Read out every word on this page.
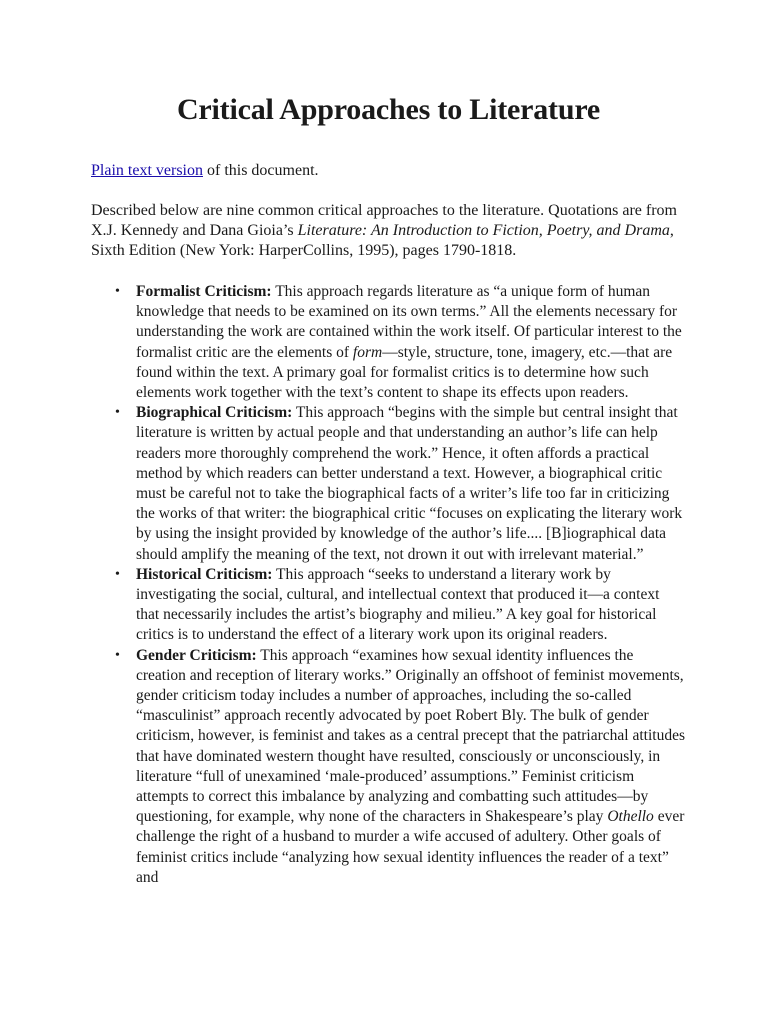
Critical Approaches to Literature

Plain text version of this document.

Described below are nine common critical approaches to the literature. Quotations are from X.J. Kennedy and Dana Gioia’s Literature: An Introduction to Fiction, Poetry, and Drama, Sixth Edition (New York: HarperCollins, 1995), pages 1790-1818.

• Formalist Criticism: This approach regards literature as “a unique form of human knowledge that needs to be examined on its own terms.” All the elements necessary for understanding the work are contained within the work itself. Of particular interest to the formalist critic are the elements of form—style, structure, tone, imagery, etc.—that are found within the text. A primary goal for formalist critics is to determine how such elements work together with the text’s content to shape its effects upon readers.
• Biographical Criticism: This approach “begins with the simple but central insight that literature is written by actual people and that understanding an author’s life can help readers more thoroughly comprehend the work.” Hence, it often affords a practical method by which readers can better understand a text. However, a biographical critic must be careful not to take the biographical facts of a writer’s life too far in criticizing the works of that writer: the biographical critic “focuses on explicating the literary work by using the insight provided by knowledge of the author’s life.... [B]iographical data should amplify the meaning of the text, not drown it out with irrelevant material.”
• Historical Criticism: This approach “seeks to understand a literary work by investigating the social, cultural, and intellectual context that produced it—a context that necessarily includes the artist’s biography and milieu.” A key goal for historical critics is to understand the effect of a literary work upon its original readers.
• Gender Criticism: This approach “examines how sexual identity influences the creation and reception of literary works.” Originally an offshoot of feminist movements, gender criticism today includes a number of approaches, including the so-called “masculinist” approach recently advocated by poet Robert Bly. The bulk of gender criticism, however, is feminist and takes as a central precept that the patriarchal attitudes that have dominated western thought have resulted, consciously or unconsciously, in literature “full of unexamined ‘male-produced’ assumptions.” Feminist criticism attempts to correct this imbalance by analyzing and combatting such attitudes—by questioning, for example, why none of the characters in Shakespeare’s play Othello ever challenge the right of a husband to murder a wife accused of adultery. Other goals of feminist critics include “analyzing how sexual identity influences the reader of a text” and
